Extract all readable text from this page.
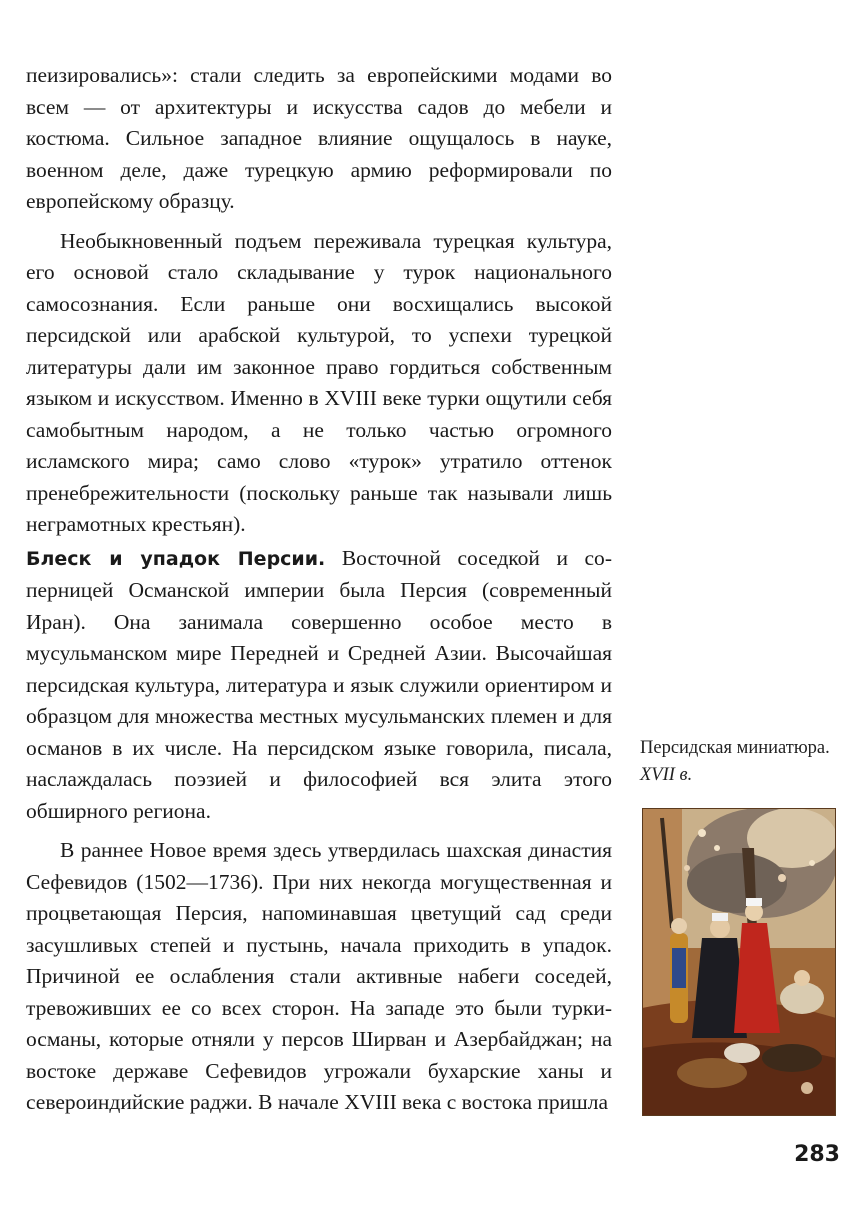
пеизировались»: стали следить за европейскими модами во всем — от архитектуры и искусства садов до мебели и костюма. Сильное западное влияние ощущалось в науке, военном деле, даже турецкую армию реформировали по европейскому образцу.

Необыкновенный подъем переживала турецкая культура, его основой стало складывание у турок национального самосознания. Если раньше они восхищались высокой персидской или арабской культурой, то успехи турецкой литературы дали им законное право гордиться собственным языком и искусством. Именно в XVIII веке турки ощутили себя самобытным народом, а не только частью огромного исламского мира; само слово «турок» утратило оттенок пренебрежительности (поскольку раньше так называли лишь неграмотных крестьян).

Блеск и упадок Персии. Восточной соседкой и соперницей Османской империи была Персия (современный Иран). Она занимала совершенно особое место в мусульманском мире Передней и Средней Азии. Высочайшая персидская культура, литература и язык служили ориентиром и образцом для множества местных мусульманских племен и для османов в их числе. На персидском языке говорила, писала, наслаждалась поэзией и философией вся элита этого обширного региона.

В раннее Новое время здесь утвердилась шахская династия Сефевидов (1502—1736). При них некогда могущественная и процветающая Персия, напоминавшая цветущий сад среди засушливых степей и пустынь, начала приходить в упадок. Причиной ее ослабления стали активные набеги соседей, тревоживших ее со всех сторон. На западе это были турки-османы, которые отняли у персов Ширван и Азербайджан; на востоке державе Сефевидов угрожали бухарские ханы и североиндийские раджи. В начале XVIII века с востока пришла

Персидская миниатюра. XVII в.
283
